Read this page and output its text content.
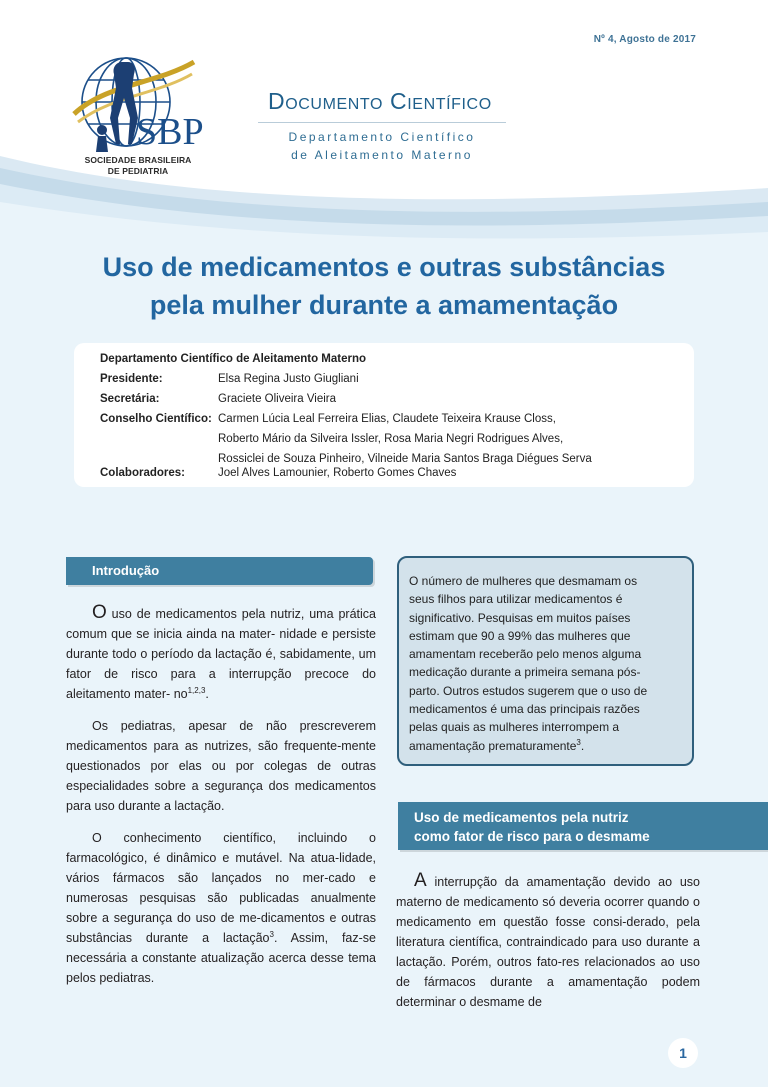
SBP
SOCIEDADE BRASILEIRA
DE PEDIATRIA
Nº 4, Agosto de 2017
Documento Científico
Departamento Científico
de Aleitamento Materno
Uso de medicamentos e outras substâncias
pela mulher durante a amamentação
Departamento Científico de Aleitamento Materno
Presidente:	Elsa Regina Justo Giugliani
Secretária:	Graciete Oliveira Vieira
Conselho Científico: Carmen Lúcia Leal Ferreira Elias, Claudete Teixeira Krause Closs,
Roberto Mário da Silveira Issler, Rosa Maria Negri Rodrigues Alves,
Rossiclei de Souza Pinheiro, Vilneide Maria Santos Braga Diégues Serva
Colaboradores:	Joel Alves Lamounier, Roberto Gomes Chaves
Introdução

O uso de medicamentos pela nutriz, uma prática comum que se inicia ainda na mater- nidade e persiste durante todo o período da lactação é, sabidamente, um fator de risco para a interrupção precoce do aleitamento mater- no$^{1,2,3}$.

Os pediatras, apesar de não prescreverem medicamentos para as nutrizes, são frequente-mente questionados por elas ou por colegas de outras especialidades sobre a segurança dos medicamentos para uso durante a lactação.

O conhecimento científico, incluindo o farmacológico, é dinâmico e mutável. Na atua-lidade, vários fármacos são lançados no mer-cado e numerosas pesquisas são publicadas anualmente sobre a segurança do uso de me-dicamentos e outras substâncias durante a lactação$^3$. Assim, faz-se necessária a constante atualização acerca desse tema pelos pediatras.

O número de mulheres que desmamam os
seus filhos para utilizar medicamentos é
significativo. Pesquisas em muitos países
estimam que 90 a 99% das mulheres que
amamentam receberão pelo menos alguma
medicação durante a primeira semana pós-
parto. Outros estudos sugerem que o uso de
medicamentos é uma das principais razões
pelas quais as mulheres interrompem a
amamentação prematuramente$^3$.
Uso de medicamentos pela nutriz
como fator de risco para o desmame

A interrupção da amamentação devido ao uso materno de medicamento só deveria ocorrer quando o medicamento em questão fosse consi-derado, pela literatura científica, contraindicado para uso durante a lactação. Porém, outros fato-res relacionados ao uso de fármacos durante a amamentação podem determinar o desmame de

1
